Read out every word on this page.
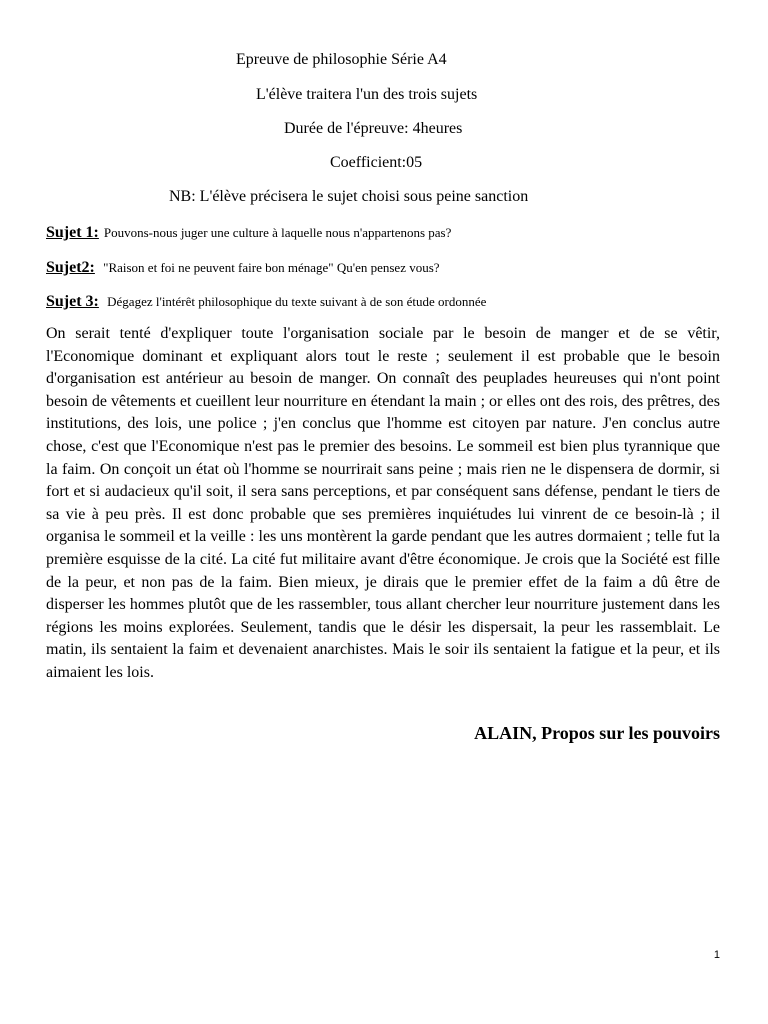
Epreuve de philosophie Série A4
L'élève traitera l'un des trois sujets
Durée de l'épreuve: 4heures
Coefficient:05
NB: L'élève précisera le sujet choisi sous peine sanction
Sujet 1: Pouvons-nous juger une culture à laquelle nous n'appartenons pas?
Sujet2: "Raison et foi ne peuvent faire bon ménage" Qu'en pensez vous?
Sujet 3: Dégagez l'intérêt philosophique du texte suivant à de son étude ordonnée

On serait tenté d'expliquer toute l'organisation sociale par le besoin de manger et de se vêtir, l'Economique dominant et expliquant alors tout le reste ; seulement il est probable que le besoin d'organisation est antérieur au besoin de manger. On connaît des peuplades heureuses qui n'ont point besoin de vêtements et cueillent leur nourriture en étendant la main ; or elles ont des rois, des prêtres, des institutions, des lois, une police ; j'en conclus que l'homme est citoyen par nature. J'en conclus autre chose, c'est que l'Economique n'est pas le premier des besoins. Le sommeil est bien plus tyrannique que la faim. On conçoit un état où l'homme se nourrirait sans peine ; mais rien ne le dispensera de dormir, si fort et si audacieux qu'il soit, il sera sans perceptions, et par conséquent sans défense, pendant le tiers de sa vie à peu près. Il est donc probable que ses premières inquiétudes lui vinrent de ce besoin-là ; il organisa le sommeil et la veille : les uns montèrent la garde pendant que les autres dormaient ; telle fut la première esquisse de la cité. La cité fut militaire avant d'être économique. Je crois que la Société est fille de la peur, et non pas de la faim. Bien mieux, je dirais que le premier effet de la faim a dû être de disperser les hommes plutôt que de les rassembler, tous allant chercher leur nourriture justement dans les régions les moins explorées. Seulement, tandis que le désir les dispersait, la peur les rassemblait. Le matin, ils sentaient la faim et devenaient anarchistes. Mais le soir ils sentaient la fatigue et la peur, et ils aimaient les lois.

ALAIN, Propos sur les pouvoirs
1
